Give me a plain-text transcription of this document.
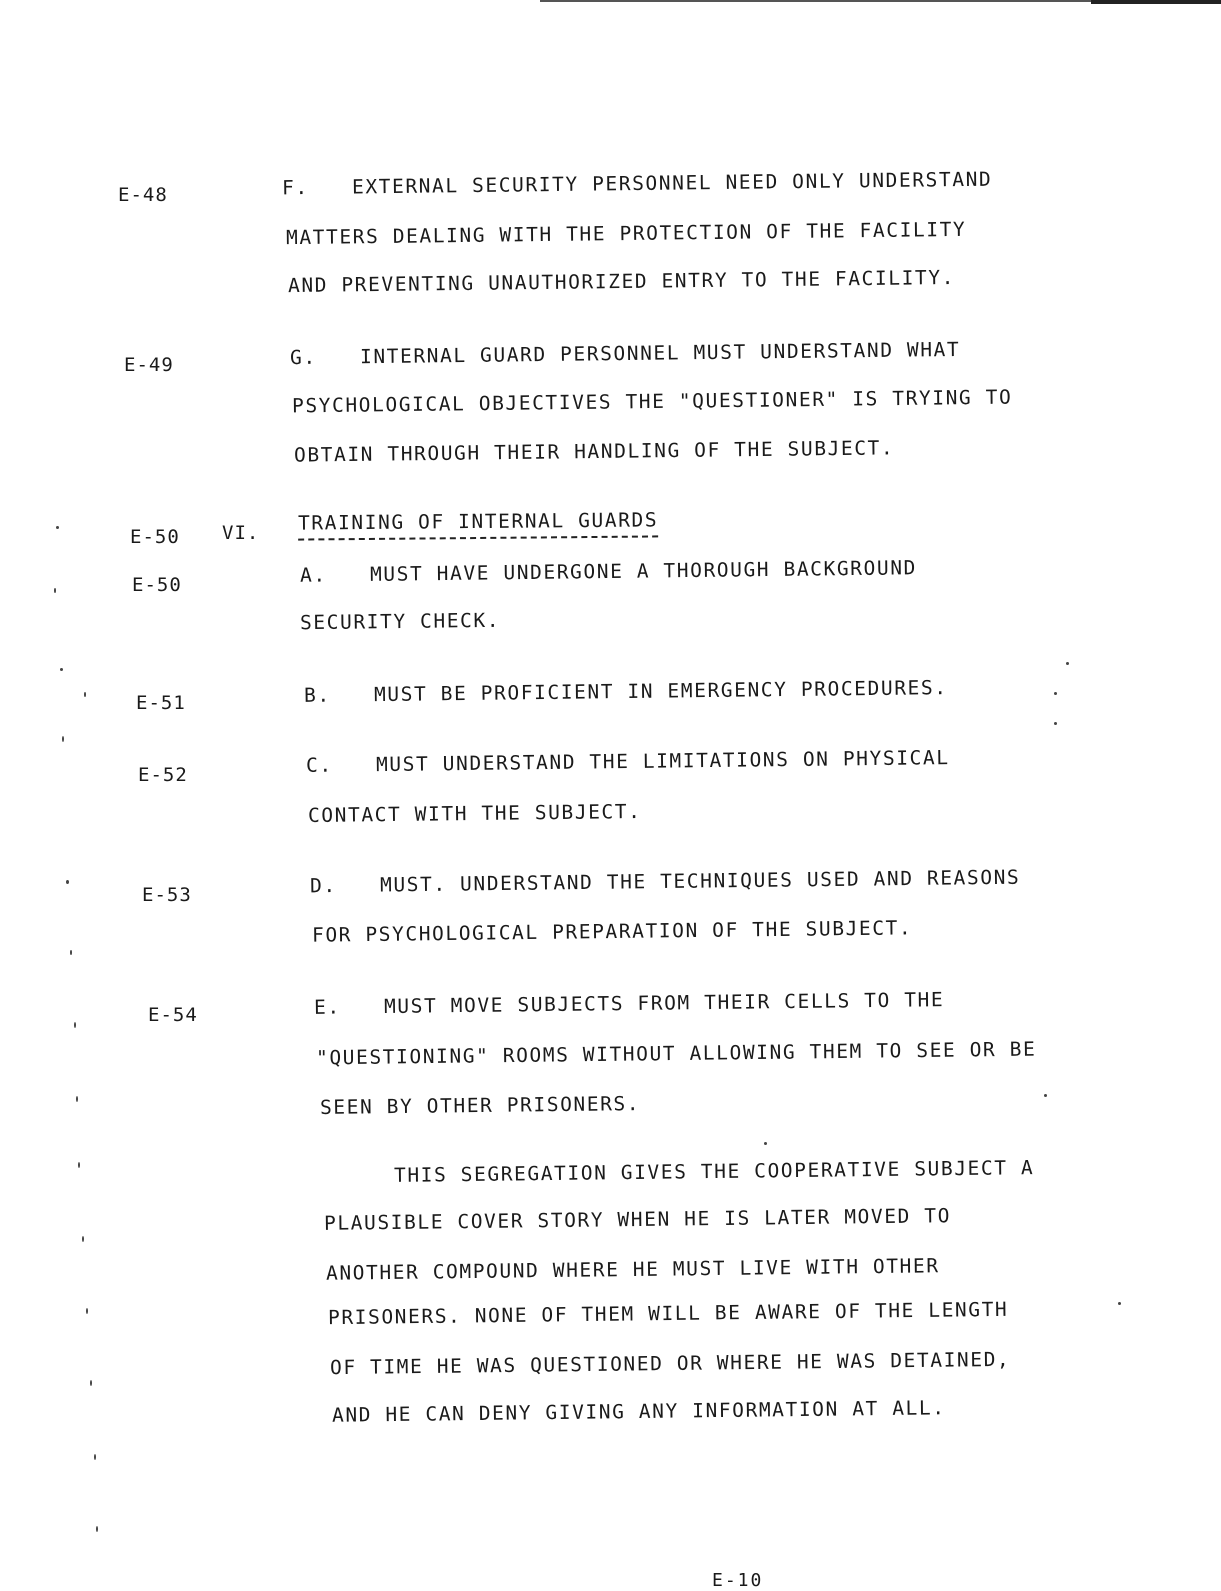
E-48	F. EXTERNAL SECURITY PERSONNEL NEED ONLY UNDERSTAND
MATTERS DEALING WITH THE PROTECTION OF THE FACILITY
AND PREVENTING UNAUTHORIZED ENTRY TO THE FACILITY.
E-49	G. INTERNAL GUARD PERSONNEL MUST UNDERSTAND WHAT
PSYCHOLOGICAL OBJECTIVES THE "QUESTIONER" IS TRYING TO
OBTAIN THROUGH THEIR HANDLING OF THE SUBJECT.
E-50 VI. TRAINING OF INTERNAL GUARDS
E-50	A. MUST HAVE UNDERGONE A THOROUGH BACKGROUND
SECURITY CHECK.
E-51	B. MUST BE PROFICIENT IN EMERGENCY PROCEDURES.
E-52	C. MUST UNDERSTAND THE LIMITATIONS ON PHYSICAL
CONTACT WITH THE SUBJECT.
E-53	D. MUST. UNDERSTAND THE TECHNIQUES USED AND REASONS
FOR PSYCHOLOGICAL PREPARATION OF THE SUBJECT.
E-54	E. MUST MOVE SUBJECTS FROM THEIR CELLS TO THE
"QUESTIONING" ROOMS WITHOUT ALLOWING THEM TO SEE OR BE
SEEN BY OTHER PRISONERS.
THIS SEGREGATION GIVES THE COOPERATIVE SUBJECT A
PLAUSIBLE COVER STORY WHEN HE IS LATER MOVED TO
ANOTHER COMPOUND WHERE HE MUST LIVE WITH OTHER
PRISONERS. NONE OF THEM WILL BE AWARE OF THE LENGTH
OF TIME HE WAS QUESTIONED OR WHERE HE WAS DETAINED,
AND HE CAN DENY GIVING ANY INFORMATION AT ALL.
E-10
